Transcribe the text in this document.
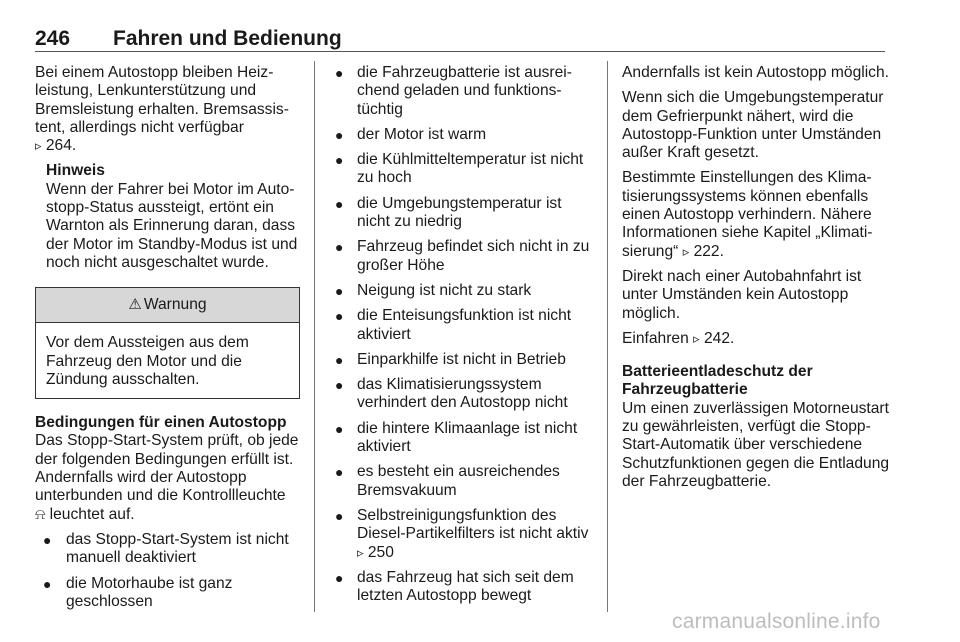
246 Fahren und Bedienung

Bei einem Autostopp bleiben Heizleistung, Lenkunterstützung und Bremsleistung erhalten. Bremsassistent, allerdings nicht verfügbar
▹ 264.

Hinweis

Wenn der Fahrer bei Motor im Autostopp-Status aussteigt, ertönt ein Warnton als Erinnerung daran, dass der Motor im Standby-Modus ist und noch nicht ausgeschaltet wurde.

⚠ Warnung
Vor dem Aussteigen aus dem Fahrzeug den Motor und die Zündung ausschalten.

Bedingungen für einen Autostopp

Das Stopp-Start-System prüft, ob jede der folgenden Bedingungen erfüllt ist. Andernfalls wird der Autostopp unterbunden und die Kontrollleuchte ⍾ leuchtet auf.

● das Stopp-Start-System ist nicht manuell deaktiviert
● die Motorhaube ist ganz geschlossen
● die Fahrzeugbatterie ist ausreichend geladen und funktionstüchtig
● der Motor ist warm
● die Kühlmitteltemperatur ist nicht zu hoch
● die Umgebungstemperatur ist nicht zu niedrig
● Fahrzeug befindet sich nicht in zu großer Höhe
● Neigung ist nicht zu stark
● die Enteisungsfunktion ist nicht aktiviert
● Einparkhilfe ist nicht in Betrieb
● das Klimatisierungssystem verhindert den Autostopp nicht
● die hintere Klimaanlage ist nicht aktiviert
● es besteht ein ausreichendes Bremsvakuum
● Selbstreinigungsfunktion des Diesel-Partikelfilters ist nicht aktiv ▹ 250
● das Fahrzeug hat sich seit dem letzten Autostopp bewegt

Andernfalls ist kein Autostopp möglich.

Wenn sich die Umgebungstemperatur dem Gefrierpunkt nähert, wird die Autostopp-Funktion unter Umständen außer Kraft gesetzt.

Bestimmte Einstellungen des Klimatisierungssystems können ebenfalls einen Autostopp verhindern. Nähere Informationen siehe Kapitel „Klimatisierung“ ▹ 222.

Direkt nach einer Autobahnfahrt ist unter Umständen kein Autostopp möglich.

Einfahren ▹ 242.

Batterieentladeschutz der Fahrzeugbatterie

Um einen zuverlässigen Motorneustart zu gewährleisten, verfügt die Stopp-Start-Automatik über verschiedene Schutzfunktionen gegen die Entladung der Fahrzeugbatterie.

carmanualsonline.info
